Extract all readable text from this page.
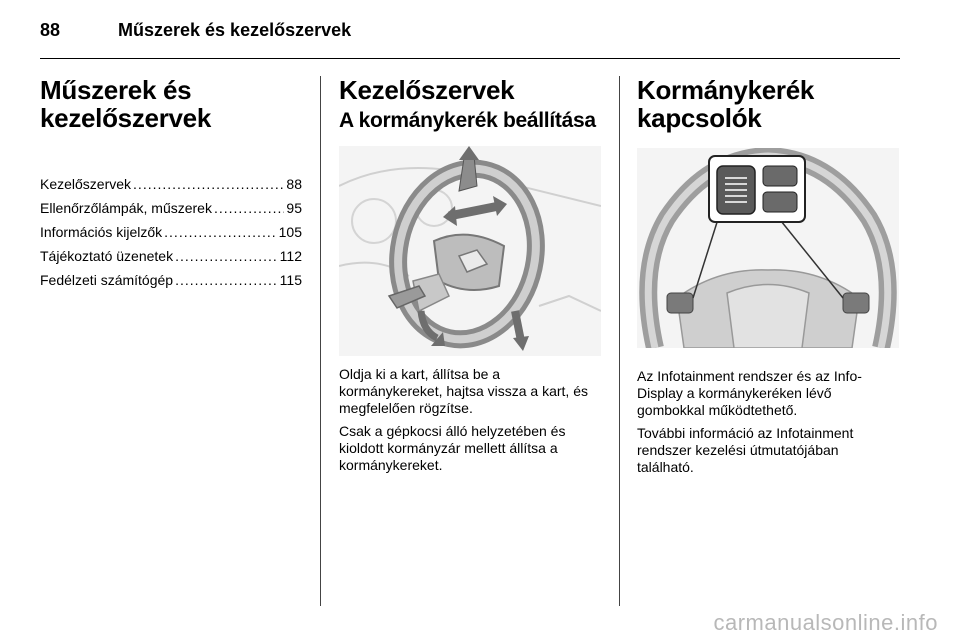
88	Műszerek és kezelőszervek
Műszerek és kezelőszervek
Kezelőszervek .....	88
Ellenőrzőlámpák, műszerek .....	95
Információs kijelzők .....	105
Tájékoztató üzenetek .....	112
Fedélzeti számítógép .....	115
Kezelőszervek
A kormánykerék beállítása

Oldja ki a kart, állítsa be a kormánykereket, hajtsa vissza a kart, és megfelelően rögzítse.

Csak a gépkocsi álló helyzetében és kioldott kormányzár mellett állítsa a kormánykereket.

Kormánykerék kapcsolók

Az Infotainment rendszer és az Info-Display a kormánykeréken lévő gombokkal működtethető.

További információ az Infotainment rendszer kezelési útmutatójában található.

carmanualsonline.info
